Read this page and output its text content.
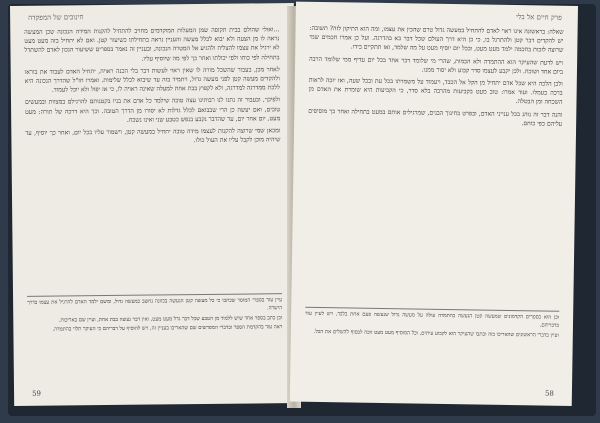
חינוכים של המפקדה

...ואולי שהולם בבית תקופה שמן המעלות המוקדמים מחויב להתחיל להקנות המידה הנכונה שכן המעשה נראה לו מן הצעה ולא יבוא לכלל מעשה והעניין נראה בתחילתו כשיעור קטן. ואם לא יתחיל בזה מעט מעט לא ירגיל את עצמו להצליח ולהגיע אל המטרה הנכונה, ובעניין זה נאמר בספרים ששיעור הנכון לאדם להשתדל בתחילה לפי כוחו ולפי יכולתו ואחר כך לפי מה שיוסיף עליו.

לאחר מכן, בעבור שהשכל מורה לו שאין ראוי לעשות דבר בלי הכנה ראויה, יתחיל האדם לעבוד את בוראו ולהקדים מעשה קטן לפני מעשה גדול, ויתמיד בזה עד שיבוא לכלל שלימות. ואמרו חז"ל שהדרך הנכונה היא ללכת ממדרגה למדרגה, ולא לקפוץ בבת אחת למעלה שאינה ראויה לו, כי אז יפול ולא יוכל לעמוד.

ולפיכך, ובעבור זה נתנו לנו רבותינו עצה טובה שילמד כל אדם את בניו בקטנותם להרגילם במצוות ובמעשים טובים, ואם יעשה כן הרי שבבואם לכלל גדלות לא יסורו מן הדרך הטובה. וכך היא דרכה של תורה: מעט מעט, יום אחר יום, עד שהדבר נקבע בנפש כטבע שני ואינו נשכח.

ומכאן שמי שרוצה להקנות לעצמו מידה טובה יתחיל במעשה קטן, וישמור עליו בכל יום, ואחר כך יוסיף, עד שיהיה מוכן לקבל עליו את העול כולו.

עיין עוד בספרי המוסר שכתבו כי כל מעשה קטן הנעשה בכוונה נחשב כמעשה גדול, ומשם ילמד האדם להרגיל את עצמו בדרך הישרה.

וכן כתב בספר אחד שיש ללמוד מן הטבע שכל דבר גדל מעט מעט, ואין דבר נעשה בבת אחת, ועיין שם באריכות.

ראה עוד בהקדמת הספר ובדברי המפרשים שם שהאריכו בעניין זה, ויש להוסיף על דבריהם כי העיקר תלוי בהתמדה.

59
פרק חיים אל בלי

שאלה: בראשונה אינו ראוי לאדם להתחיל במעשה גדול טרם שהכין את עצמו, ומה הוא התיקון לזה? תשובה: יש להקדים דבר קטן ולהתרגל בו, כי כן היא דרך העולם שכל דבר בא בהדרגה. ועל כן אמרו חכמים שמי שרוצה לזכות בחכמה ילמד מעט מעט, ובכל יום יוסיף מעט על מה שלמד, ואז תתקיים בידו.

ויש לדעת שהעיקר הוא ההתמדה ולא הכמות, שהרי מי שלומד דבר אחד בכל יום עדיף ממי שלומד הרבה ביום אחד ושוכח. ולכן יקבע לעצמו סדר קבוע ולא יסור ממנו.

ולכן הלכה היא שכל אדם יתחיל מן הקל אל הכבד, ויעמוד על משמרתו בכל עת ובכל שעה, ואז יזכה לראות ברכה בעמלו. ועוד אמרו: טוב מעט בקביעות מהרבה בלא סדר, כי הקביעות היא שומרת את האדם מן השכחה ומן הבטלה.

והנה דבר זה נוהג בכל ענייני האדם, ובפרט בחינוך הבנים, שמרגילים אותם במעט בתחילה ואחר כך מוסיפים עליהם כפי כוחם.

וכן הוא בספרים הקדמונים שמעשה קטן הנעשה בהתמדה עולה על מעשה גדול שנעשה פעם אחת בלבד, ויש לעיין עוד בדבריהם.

ועיין בדברי הראשונים שהאריכו בזה וכתבו שהעיקר הוא לקבוע עיתים, וכל המוסיף מעט מעט זוכה לבסוף להשלים את הכל.

58
